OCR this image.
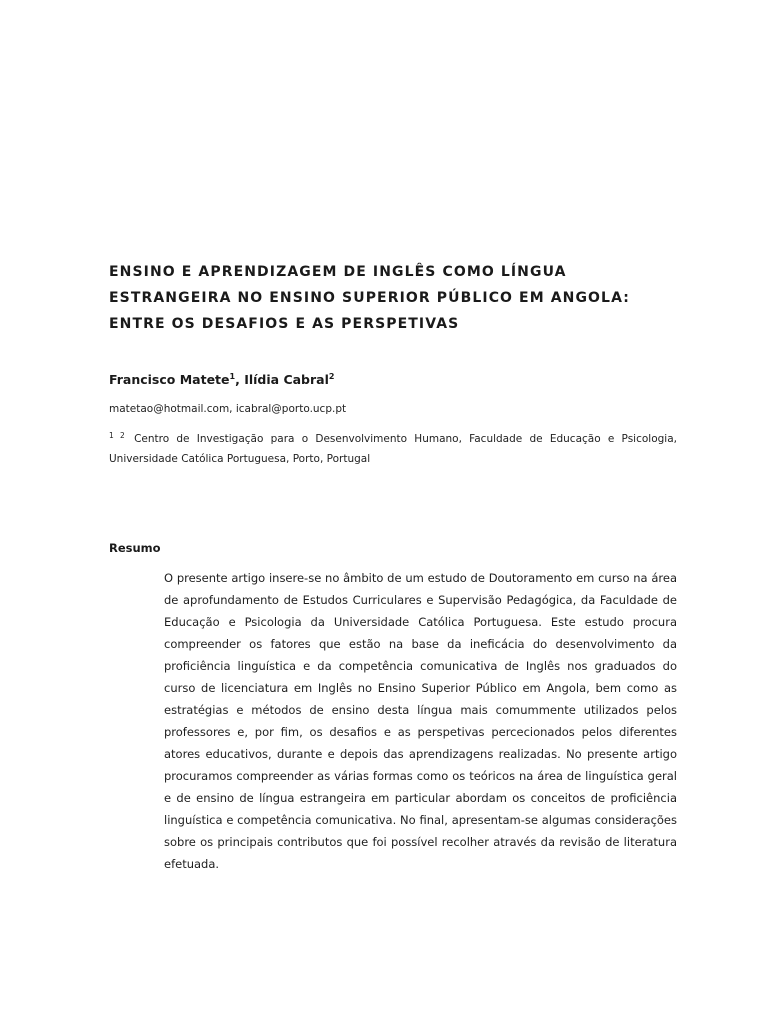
ENSINO E APRENDIZAGEM DE INGLÊS COMO LÍNGUA ESTRANGEIRA NO ENSINO SUPERIOR PÚBLICO EM ANGOLA: ENTRE OS DESAFIOS E AS PERSPETIVAS
Francisco Matete$^1$, Ilídia Cabral$^2$
matetao@hotmail.com, icabral@porto.ucp.pt
$^{1 2}$ Centro de Investigação para o Desenvolvimento Humano, Faculdade de Educação e Psicologia, Universidade Católica Portuguesa, Porto, Portugal
Resumo

O presente artigo insere-se no âmbito de um estudo de Doutoramento em curso na área de aprofundamento de Estudos Curriculares e Supervisão Pedagógica, da Faculdade de Educação e Psicologia da Universidade Católica Portuguesa. Este estudo procura compreender os fatores que estão na base da ineficácia do desenvolvimento da proficiência linguística e da competência comunicativa de Inglês nos graduados do curso de licenciatura em Inglês no Ensino Superior Público em Angola, bem como as estratégias e métodos de ensino desta língua mais comummente utilizados pelos professores e, por fim, os desafios e as perspetivas percecionados pelos diferentes atores educativos, durante e depois das aprendizagens realizadas. No presente artigo procuramos compreender as várias formas como os teóricos na área de linguística geral e de ensino de língua estrangeira em particular abordam os conceitos de proficiência linguística e competência comunicativa. No final, apresentam-se algumas considerações sobre os principais contributos que foi possível recolher através da revisão de literatura efetuada.
